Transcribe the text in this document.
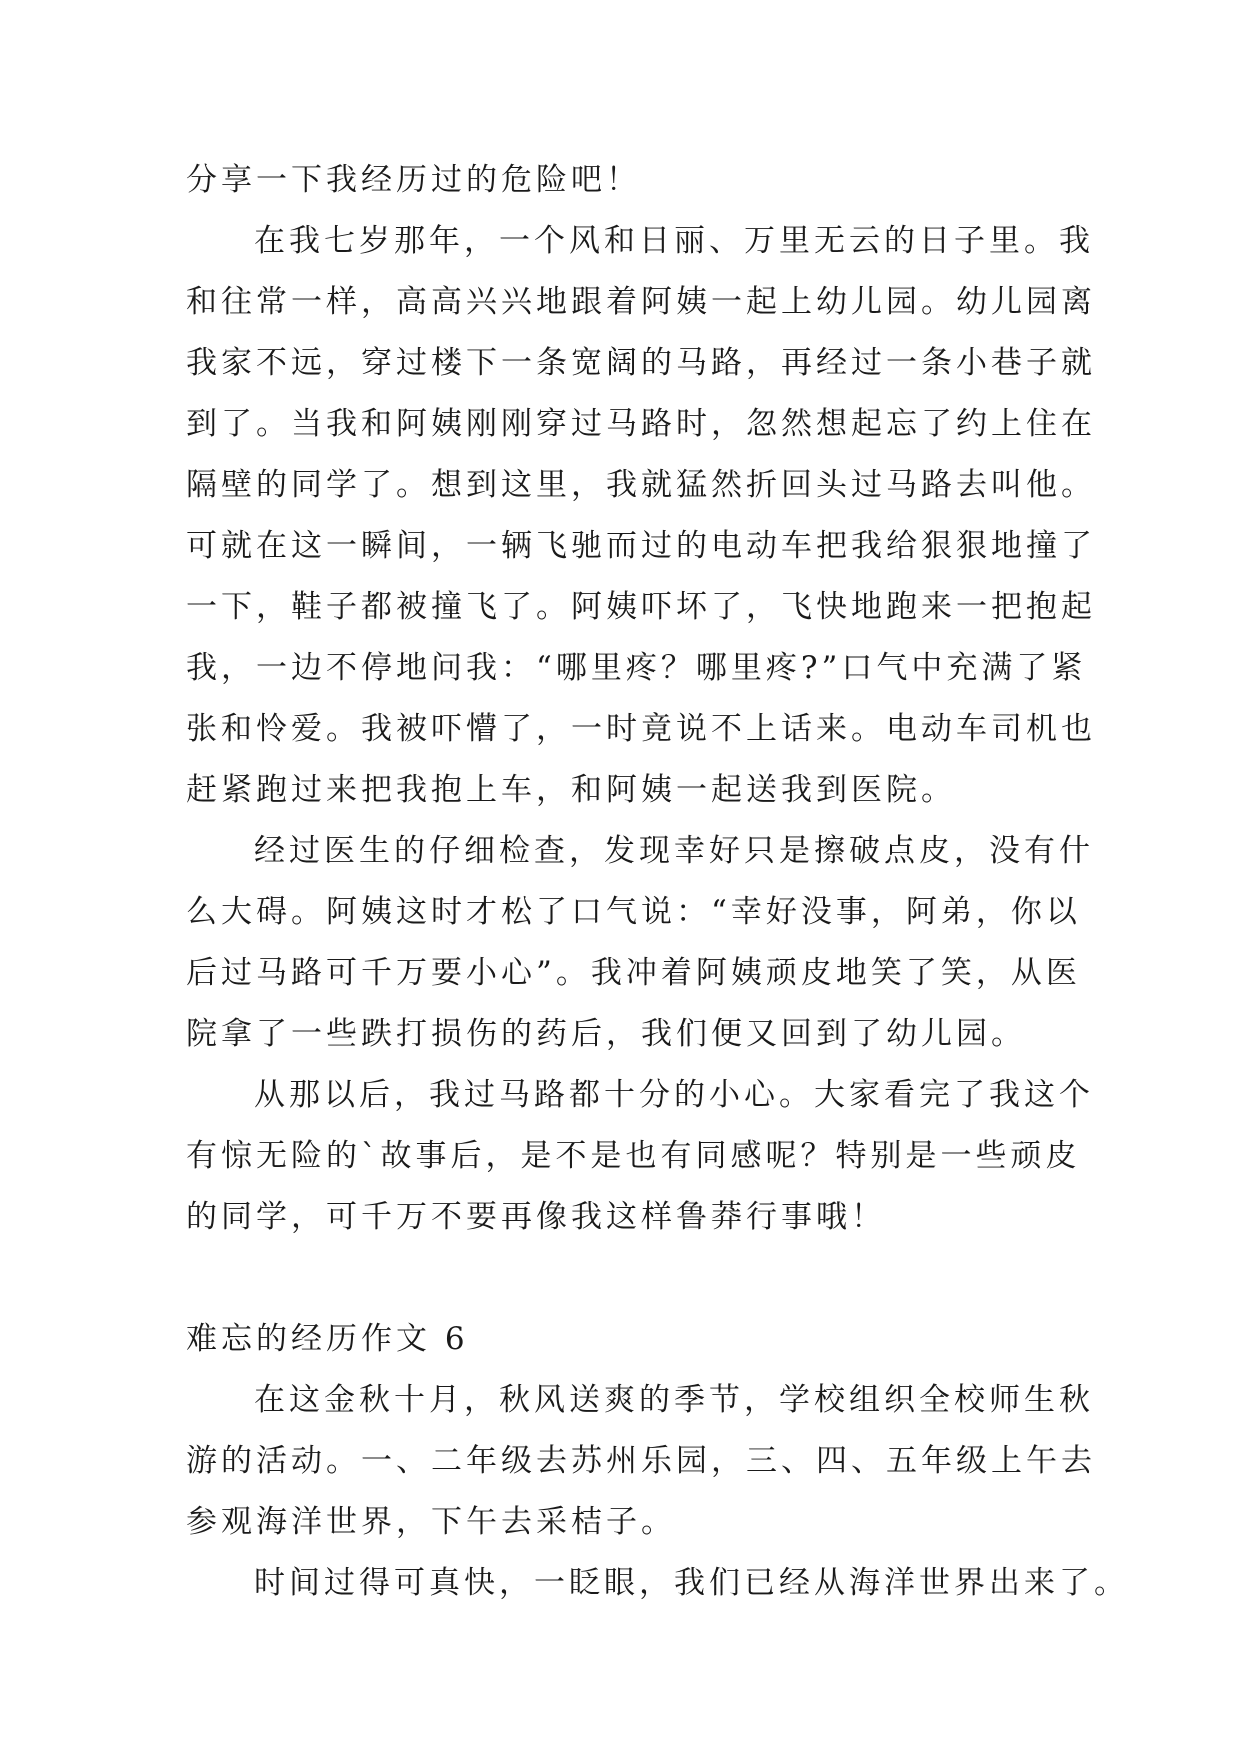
分享一下我经历过的危险吧！
在我七岁那年，一个风和日丽、万里无云的日子里。我
和往常一样，高高兴兴地跟着阿姨一起上幼儿园。幼儿园离
我家不远，穿过楼下一条宽阔的马路，再经过一条小巷子就
到了。当我和阿姨刚刚穿过马路时，忽然想起忘了约上住在
隔壁的同学了。想到这里，我就猛然折回头过马路去叫他。
可就在这一瞬间，一辆飞驰而过的电动车把我给狠狠地撞了
一下，鞋子都被撞飞了。阿姨吓坏了，飞快地跑来一把抱起
我，一边不停地问我：“哪里疼？哪里疼?”口气中充满了紧
张和怜爱。我被吓懵了，一时竟说不上话来。电动车司机也
赶紧跑过来把我抱上车，和阿姨一起送我到医院。
经过医生的仔细检查，发现幸好只是擦破点皮，没有什
么大碍。阿姨这时才松了口气说：“幸好没事，阿弟，你以
后过马路可千万要小心”。我冲着阿姨顽皮地笑了笑，从医
院拿了一些跌打损伤的药后，我们便又回到了幼儿园。
从那以后，我过马路都十分的小心。大家看完了我这个
有惊无险的`故事后，是不是也有同感呢？特别是一些顽皮
的同学，可千万不要再像我这样鲁莽行事哦！
难忘的经历作文 6
在这金秋十月，秋风送爽的季节，学校组织全校师生秋
游的活动。一、二年级去苏州乐园，三、四、五年级上午去
参观海洋世界，下午去采桔子。
时间过得可真快，一眨眼，我们已经从海洋世界出来了。
